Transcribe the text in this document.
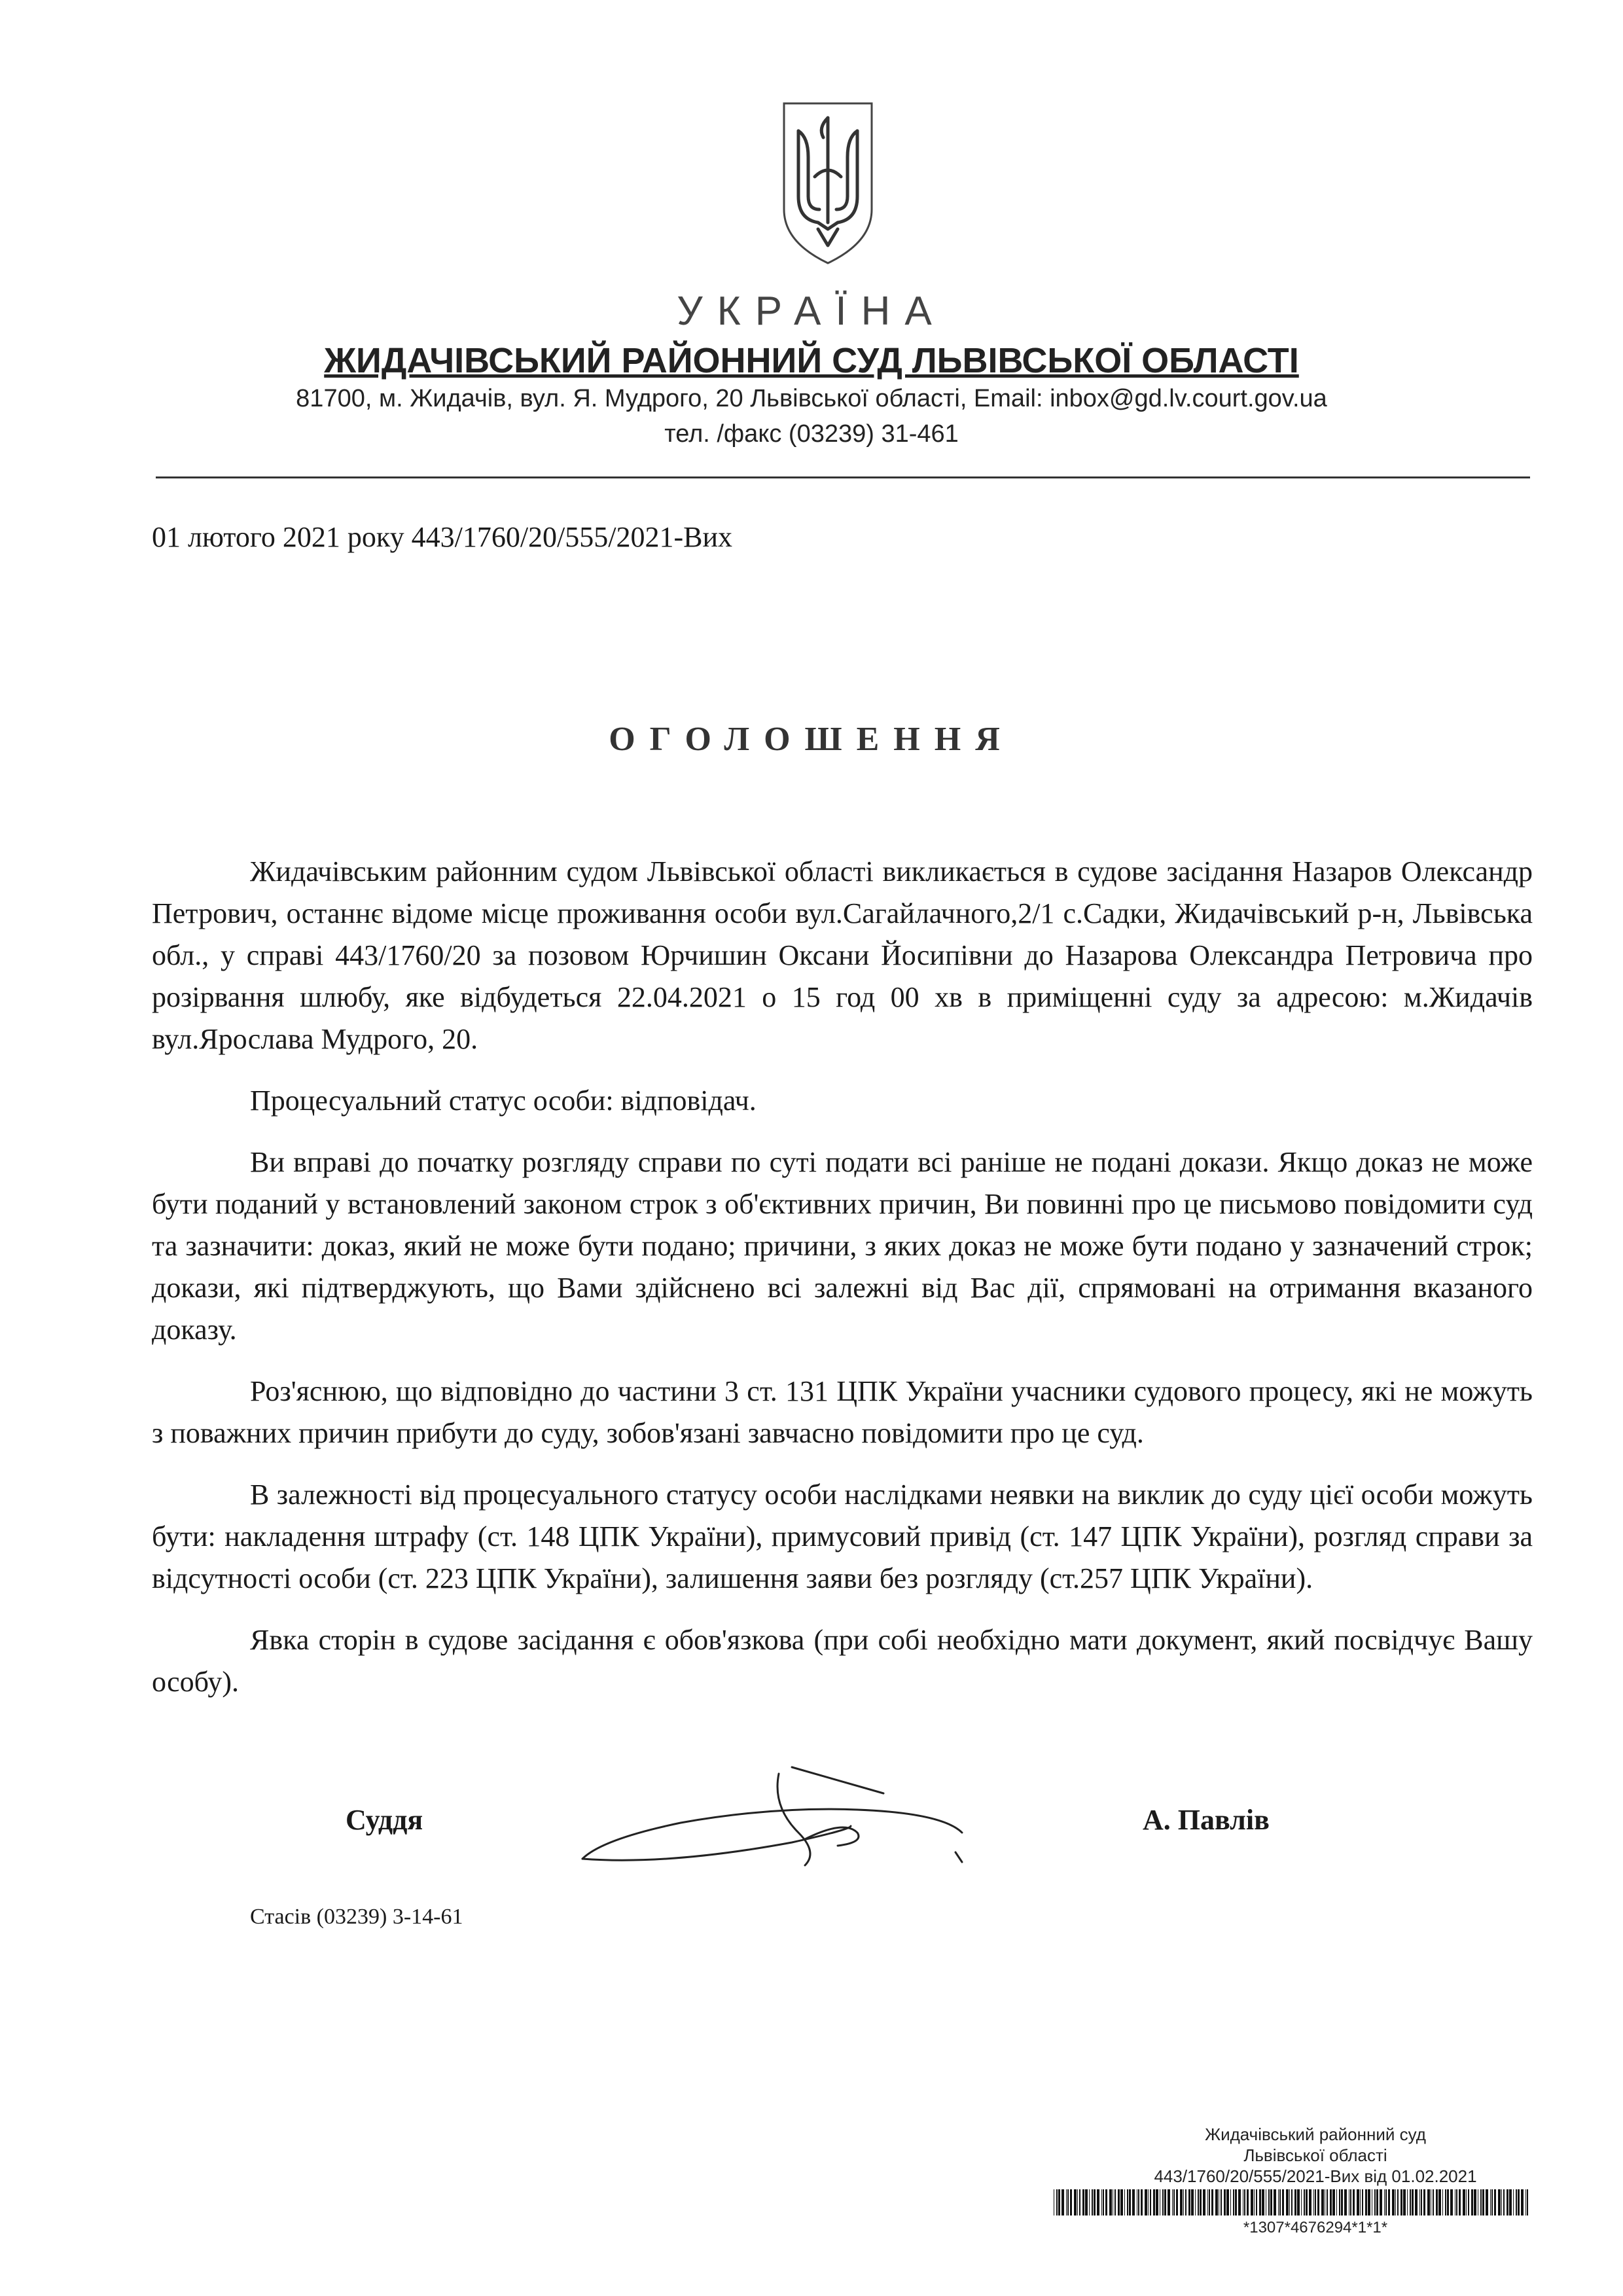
УКРАЇНА
ЖИДАЧІВСЬКИЙ РАЙОННИЙ СУД ЛЬВІВСЬКОЇ ОБЛАСТІ
81700, м. Жидачів, вул. Я. Мудрого, 20 Львівської області, Email: inbox@gd.lv.court.gov.ua
тел. /факс (03239) 31-461
01 лютого 2021 року 443/1760/20/555/2021-Вих
ОГОЛОШЕННЯ

Жидачівським районним судом Львівської області викликається в судове засідання Назаров Олександр Петрович, останнє відоме місце проживання особи вул.Сагайлачного,2/1 с.Садки, Жидачівський р-н, Львівська обл., у справі 443/1760/20 за позовом Юрчишин Оксани Йосипівни до Назарова Олександра Петровича про розірвання шлюбу, яке відбудеться 22.04.2021 о 15 год 00 хв в приміщенні суду за адресою: м.Жидачів вул.Ярослава Мудрого, 20.

Процесуальний статус особи: відповідач.

Ви вправі до початку розгляду справи по суті подати всі раніше не подані докази. Якщо доказ не може бути поданий у встановлений законом строк з об'єктивних причин, Ви повинні про це письмово повідомити суд та зазначити: доказ, який не може бути подано; причини, з яких доказ не може бути подано у зазначений строк; докази, які підтверджують, що Вами здійснено всі залежні від Вас дії, спрямовані на отримання вказаного доказу.

Роз'яснюю, що відповідно до частини 3 ст. 131 ЦПК України учасники судового процесу, які не можуть з поважних причин прибути до суду, зобов'язані завчасно повідомити про це суд.

В залежності від процесуального статусу особи наслідками неявки на виклик до суду цієї особи можуть бути: накладення штрафу (ст. 148 ЦПК України), примусовий привід (ст. 147 ЦПК України), розгляд справи за відсутності особи (ст. 223 ЦПК України), залишення заяви без розгляду (ст.257 ЦПК України).

Явка сторін в судове засідання є обов'язкова (при собі необхідно мати документ, який посвідчує Вашу особу).

Суддя	А. Павлів
Стасів (03239) 3-14-61
Жидачівський районний суд
Львівської області
443/1760/20/555/2021-Вих від 01.02.2021
*1307*4676294*1*1*
